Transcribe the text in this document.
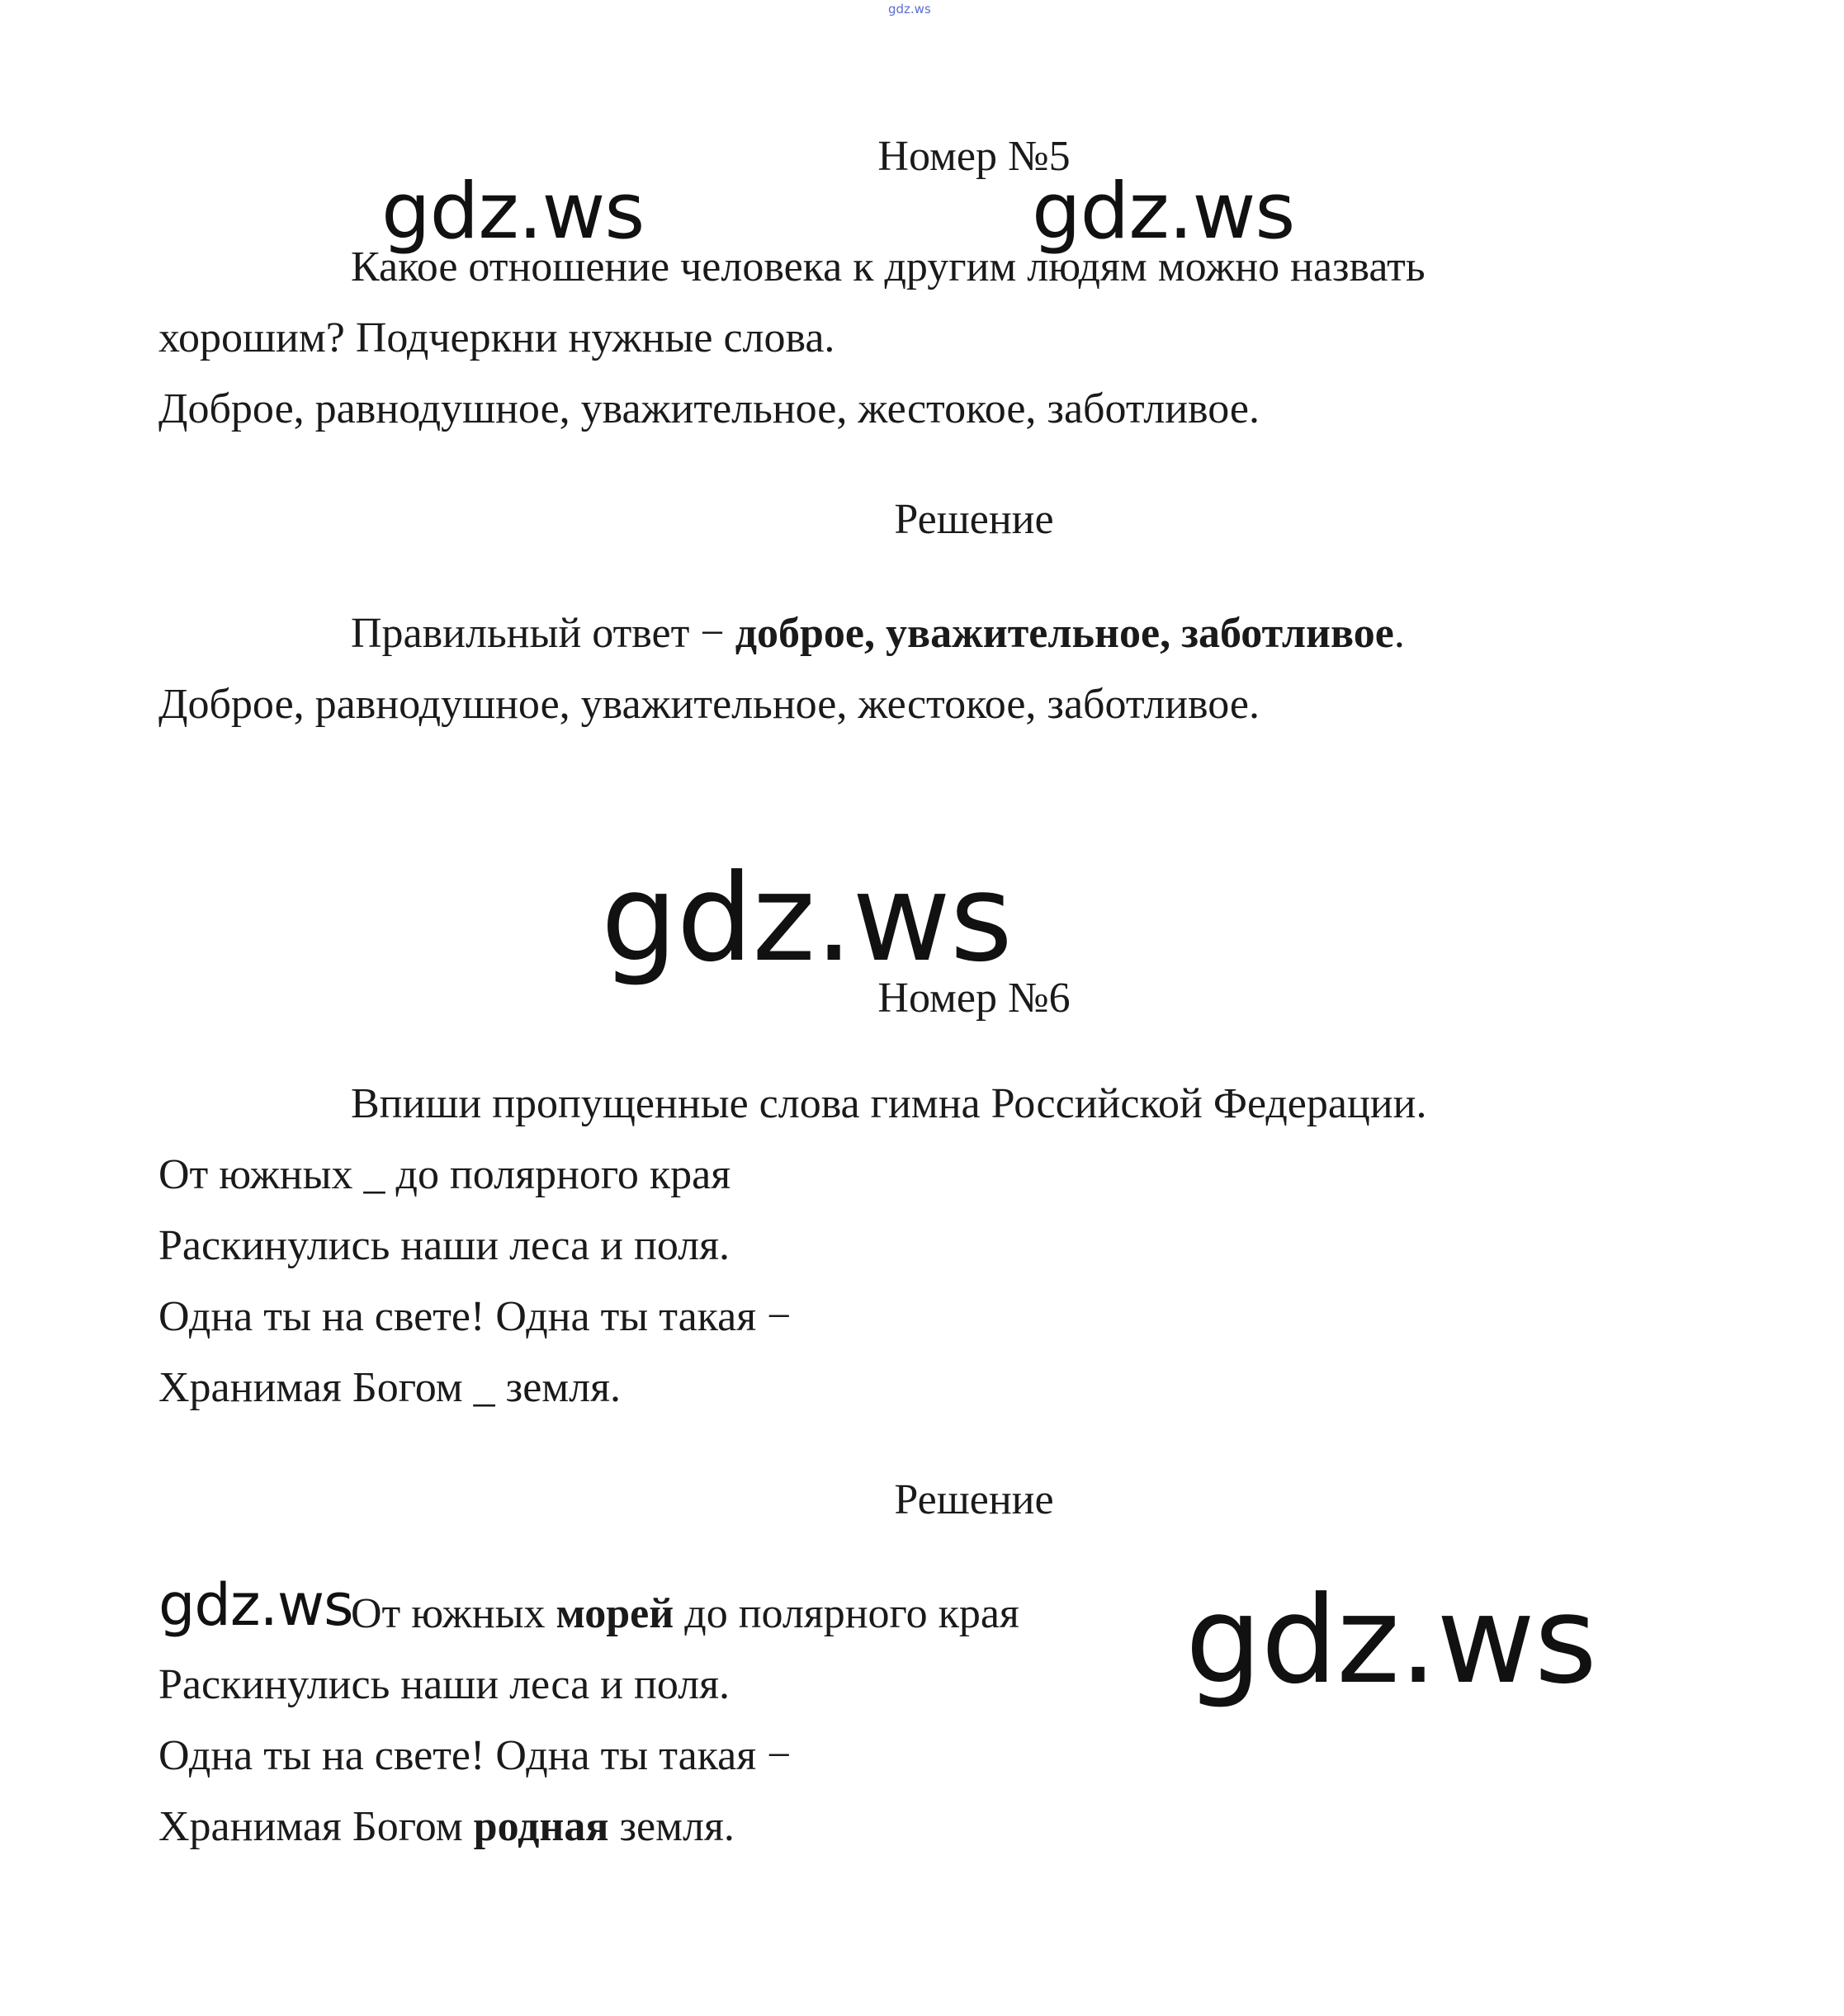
gdz.ws

Номер №5

Какое отношение человека к другим людям можно назвать

хорошим? Подчеркни нужные слова.

Доброе, равнодушное, уважительное, жестокое, заботливое.

Решение

Правильный ответ − доброе, уважительное, заботливое.

Доброе, равнодушное, уважительное, жестокое, заботливое.

Номер №6

Впиши пропущенные слова гимна Российской Федерации.

От южных _ до полярного края

Раскинулись наши леса и поля.

Одна ты на свете! Одна ты такая −

Хранимая Богом _ земля.

Решение

От южных морей до полярного края

Раскинулись наши леса и поля.

Одна ты на свете! Одна ты такая −

Хранимая Богом родная земля.

gdz.ws	gdz.ws
gdz.ws
gdz.ws	gdz.ws
